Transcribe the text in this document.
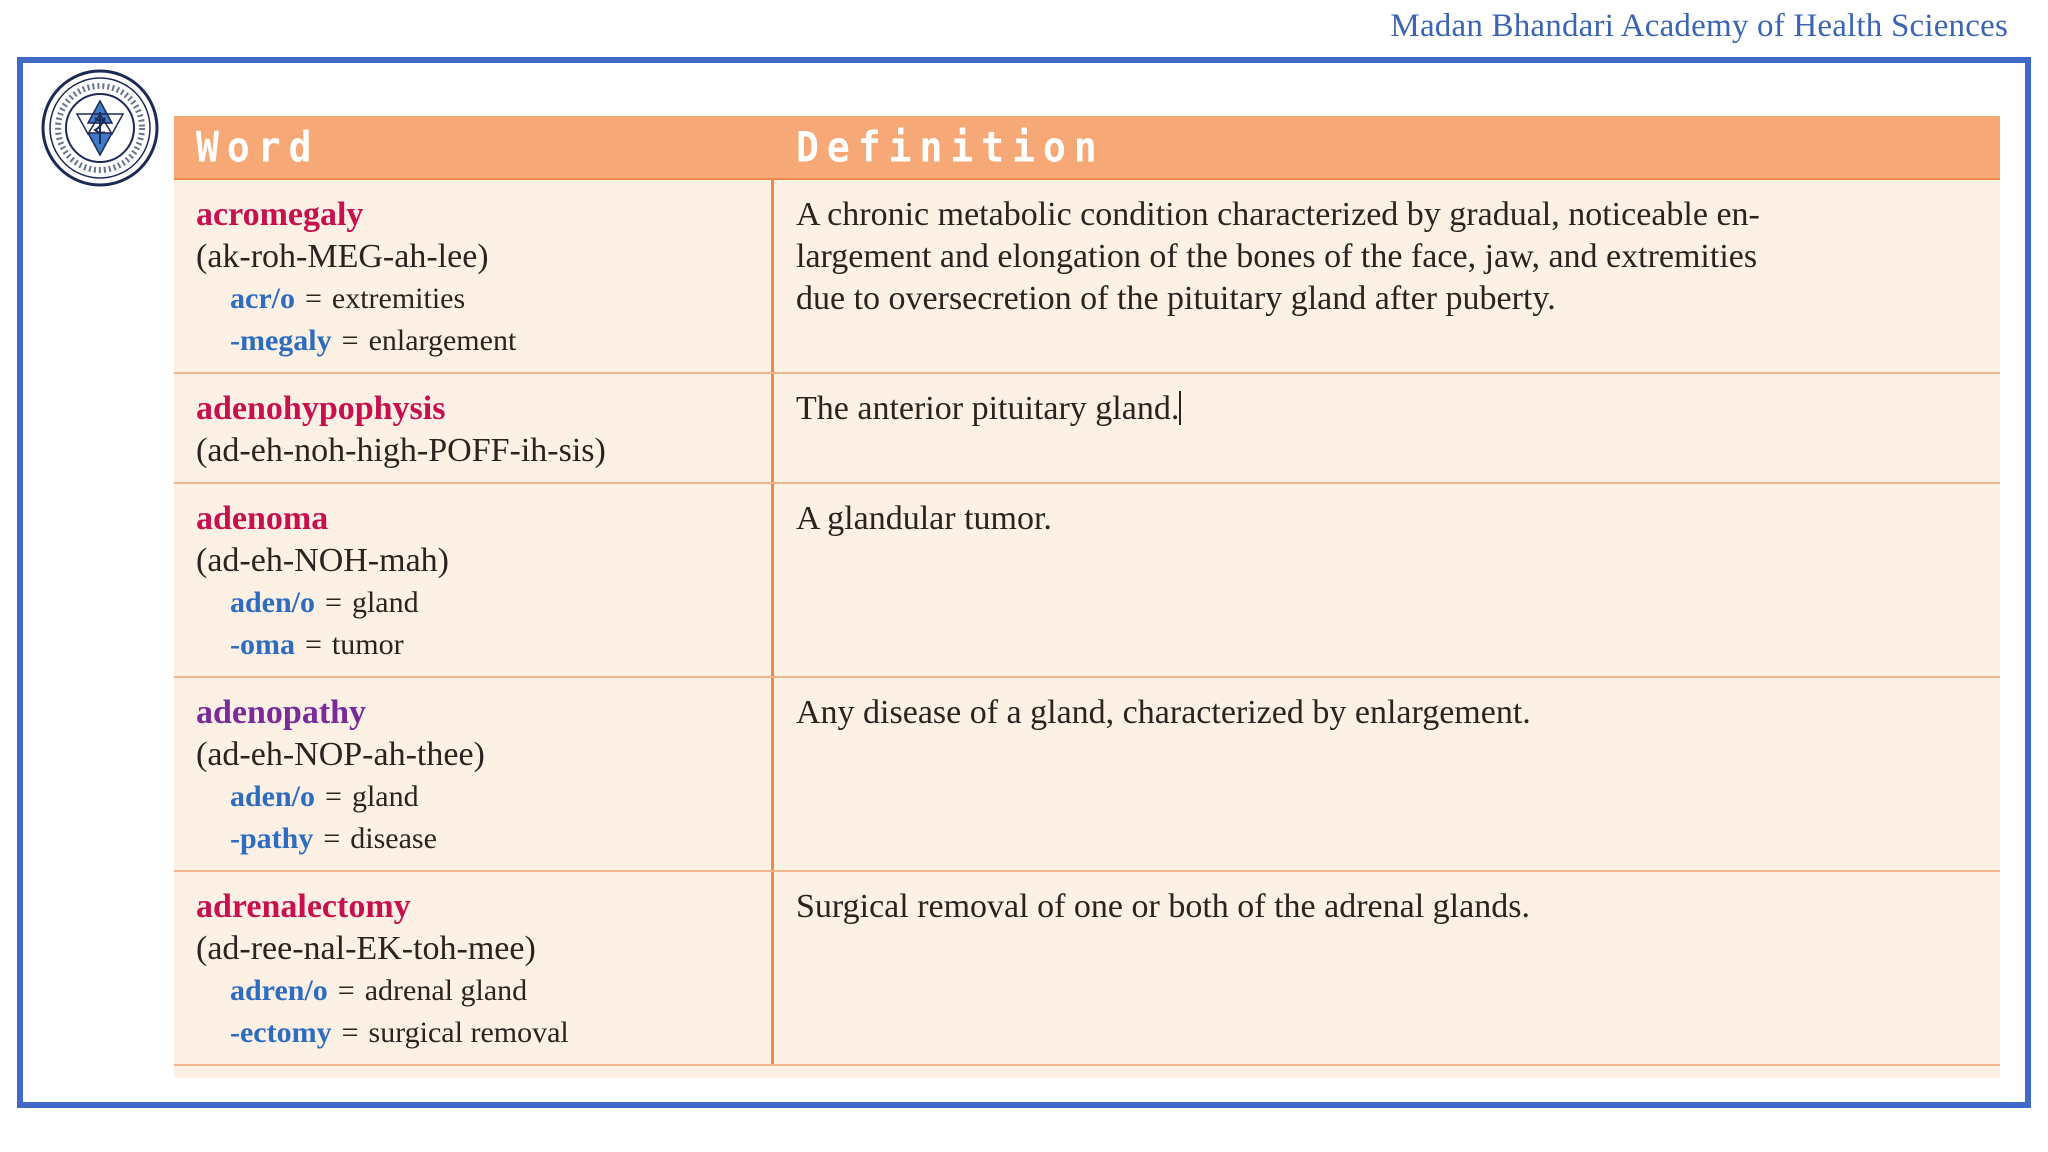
Madan Bhandari Academy of Health Sciences
Word	Definition
acromegaly
(ak-roh-MEG-ah-lee)
acr/o = extremities
-megaly = enlargement
A chronic metabolic condition characterized by gradual, noticeable en-
largement and elongation of the bones of the face, jaw, and extremities
due to oversecretion of the pituitary gland after puberty.
adenohypophysis
(ad-eh-noh-high-POFF-ih-sis)
The anterior pituitary gland.
adenoma
(ad-eh-NOH-mah)
aden/o = gland
-oma = tumor
A glandular tumor.
adenopathy
(ad-eh-NOP-ah-thee)
aden/o = gland
-pathy = disease
Any disease of a gland, characterized by enlargement.
adrenalectomy
(ad-ree-nal-EK-toh-mee)
adren/o = adrenal gland
-ectomy = surgical removal
Surgical removal of one or both of the adrenal glands.
